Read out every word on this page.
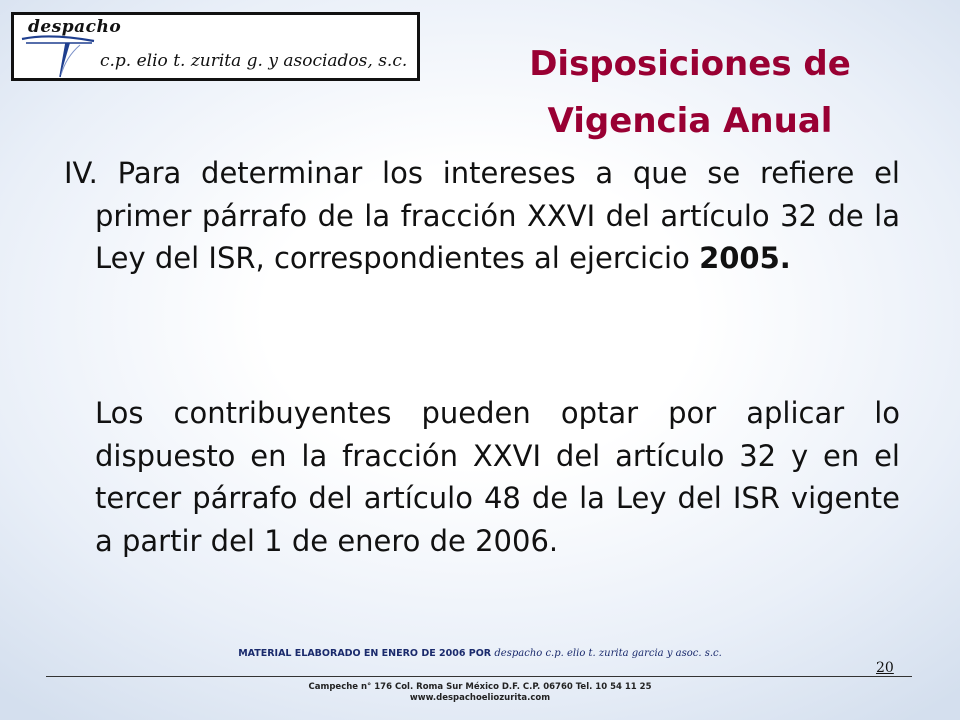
despacho
c.p. elio t. zurita g. y asociados, s.c.	Disposiciones de
Vigencia Anual

IV. Para determinar los intereses a que se refiere el primer párrafo de la fracción XXVI del artículo 32 de la Ley del ISR, correspondientes al ejercicio 2005.

Los contribuyentes pueden optar por aplicar lo dispuesto en la fracción XXVI del artículo 32 y en el tercer párrafo del artículo 48 de la Ley del ISR vigente a partir del 1 de enero de 2006.

MATERIAL ELABORADO EN ENERO DE 2006 POR despacho c.p. elio t. zurita garcia y asoc. s.c.
20
Campeche n° 176 Col. Roma Sur México D.F. C.P. 06760 Tel. 10 54 11 25
www.despachoeliozurita.com
